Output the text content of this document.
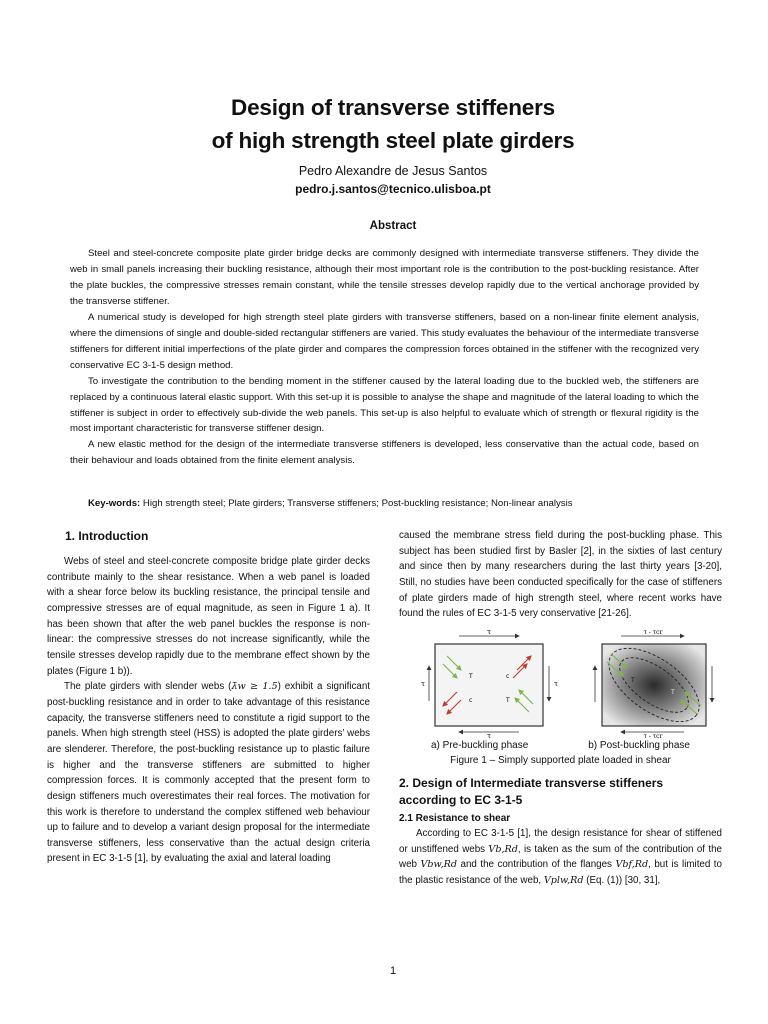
Design of transverse stiffeners
of high strength steel plate girders
Pedro Alexandre de Jesus Santos
pedro.j.santos@tecnico.ulisboa.pt
Abstract

Steel and steel-concrete composite plate girder bridge decks are commonly designed with intermediate transverse stiffeners. They divide the web in small panels increasing their buckling resistance, although their most important role is the contribution to the post-buckling resistance. After the plate buckles, the compressive stresses remain constant, while the tensile stresses develop rapidly due to the vertical anchorage provided by the transverse stiffener.

A numerical study is developed for high strength steel plate girders with transverse stiffeners, based on a non-linear finite element analysis, where the dimensions of single and double-sided rectangular stiffeners are varied. This study evaluates the behaviour of the intermediate transverse stiffeners for different initial imperfections of the plate girder and compares the compression forces obtained in the stiffener with the recognized very conservative EC 3-1-5 design method.

To investigate the contribution to the bending moment in the stiffener caused by the lateral loading due to the buckled web, the stiffeners are replaced by a continuous lateral elastic support. With this set-up it is possible to analyse the shape and magnitude of the lateral loading to which the stiffener is subject in order to effectively sub-divide the web panels. This set-up is also helpful to evaluate which of strength or flexural rigidity is the most important characteristic for transverse stiffener design.

A new elastic method for the design of the intermediate transverse stiffeners is developed, less conservative than the actual code, based on their behaviour and loads obtained from the finite element analysis.

Key-words: High strength steel; Plate girders; Transverse stiffeners; Post-buckling resistance; Non-linear analysis
1. Introduction

Webs of steel and steel-concrete composite bridge plate girder decks contribute mainly to the shear resistance. When a web panel is loaded with a shear force below its buckling resistance, the principal tensile and compressive stresses are of equal magnitude, as seen in Figure 1 a). It has been shown that after the web panel buckles the response is non-linear: the compressive stresses do not increase significantly, while the tensile stresses develop rapidly due to the membrane effect shown by the plates (Figure 1 b)).

The plate girders with slender webs (λ̄w ≥ 1.5) exhibit a significant post-buckling resistance and in order to take advantage of this resistance capacity, the transverse stiffeners need to constitute a rigid support to the panels. When high strength steel (HSS) is adopted the plate girders’ webs are slenderer. Therefore, the post-buckling resistance up to plastic failure is higher and the transverse stiffeners are submitted to higher compression forces. It is commonly accepted that the present form to design stiffeners much overestimates their real forces. The motivation for this work is therefore to understand the complex stiffened web behaviour up to failure and to develop a variant design proposal for the intermediate transverse stiffeners, less conservative than the actual design criteria present in EC 3-1-5 [1], by evaluating the axial and lateral loading

caused the membrane stress field during the post-buckling phase. This subject has been studied first by Basler [2], in the sixties of last century and since then by many researchers during the last thirty years [3-20], Still, no studies have been conducted specifically for the case of stiffeners of plate girders made of high strength steel, where recent works have found the rules of EC 3-1-5 very conservative [21-26].

τ
τ
τ	τ
T	c
c	T
τ - τcr
τ - τcr
T
T
a) Pre-buckling phase	b) Post-buckling phase
Figure 1 – Simply supported plate loaded in shear
2. Design of Intermediate transverse stiffeners
according to EC 3-1-5
2.1 Resistance to shear

According to EC 3-1-5 [1], the design resistance for shear of stiffened or unstiffened webs Vb,Rd, is taken as the sum of the contribution of the web Vbw,Rd and the contribution of the flanges Vbf,Rd, but is limited to the plastic resistance of the web, Vplw,Rd (Eq. (1)) [30, 31],

1
